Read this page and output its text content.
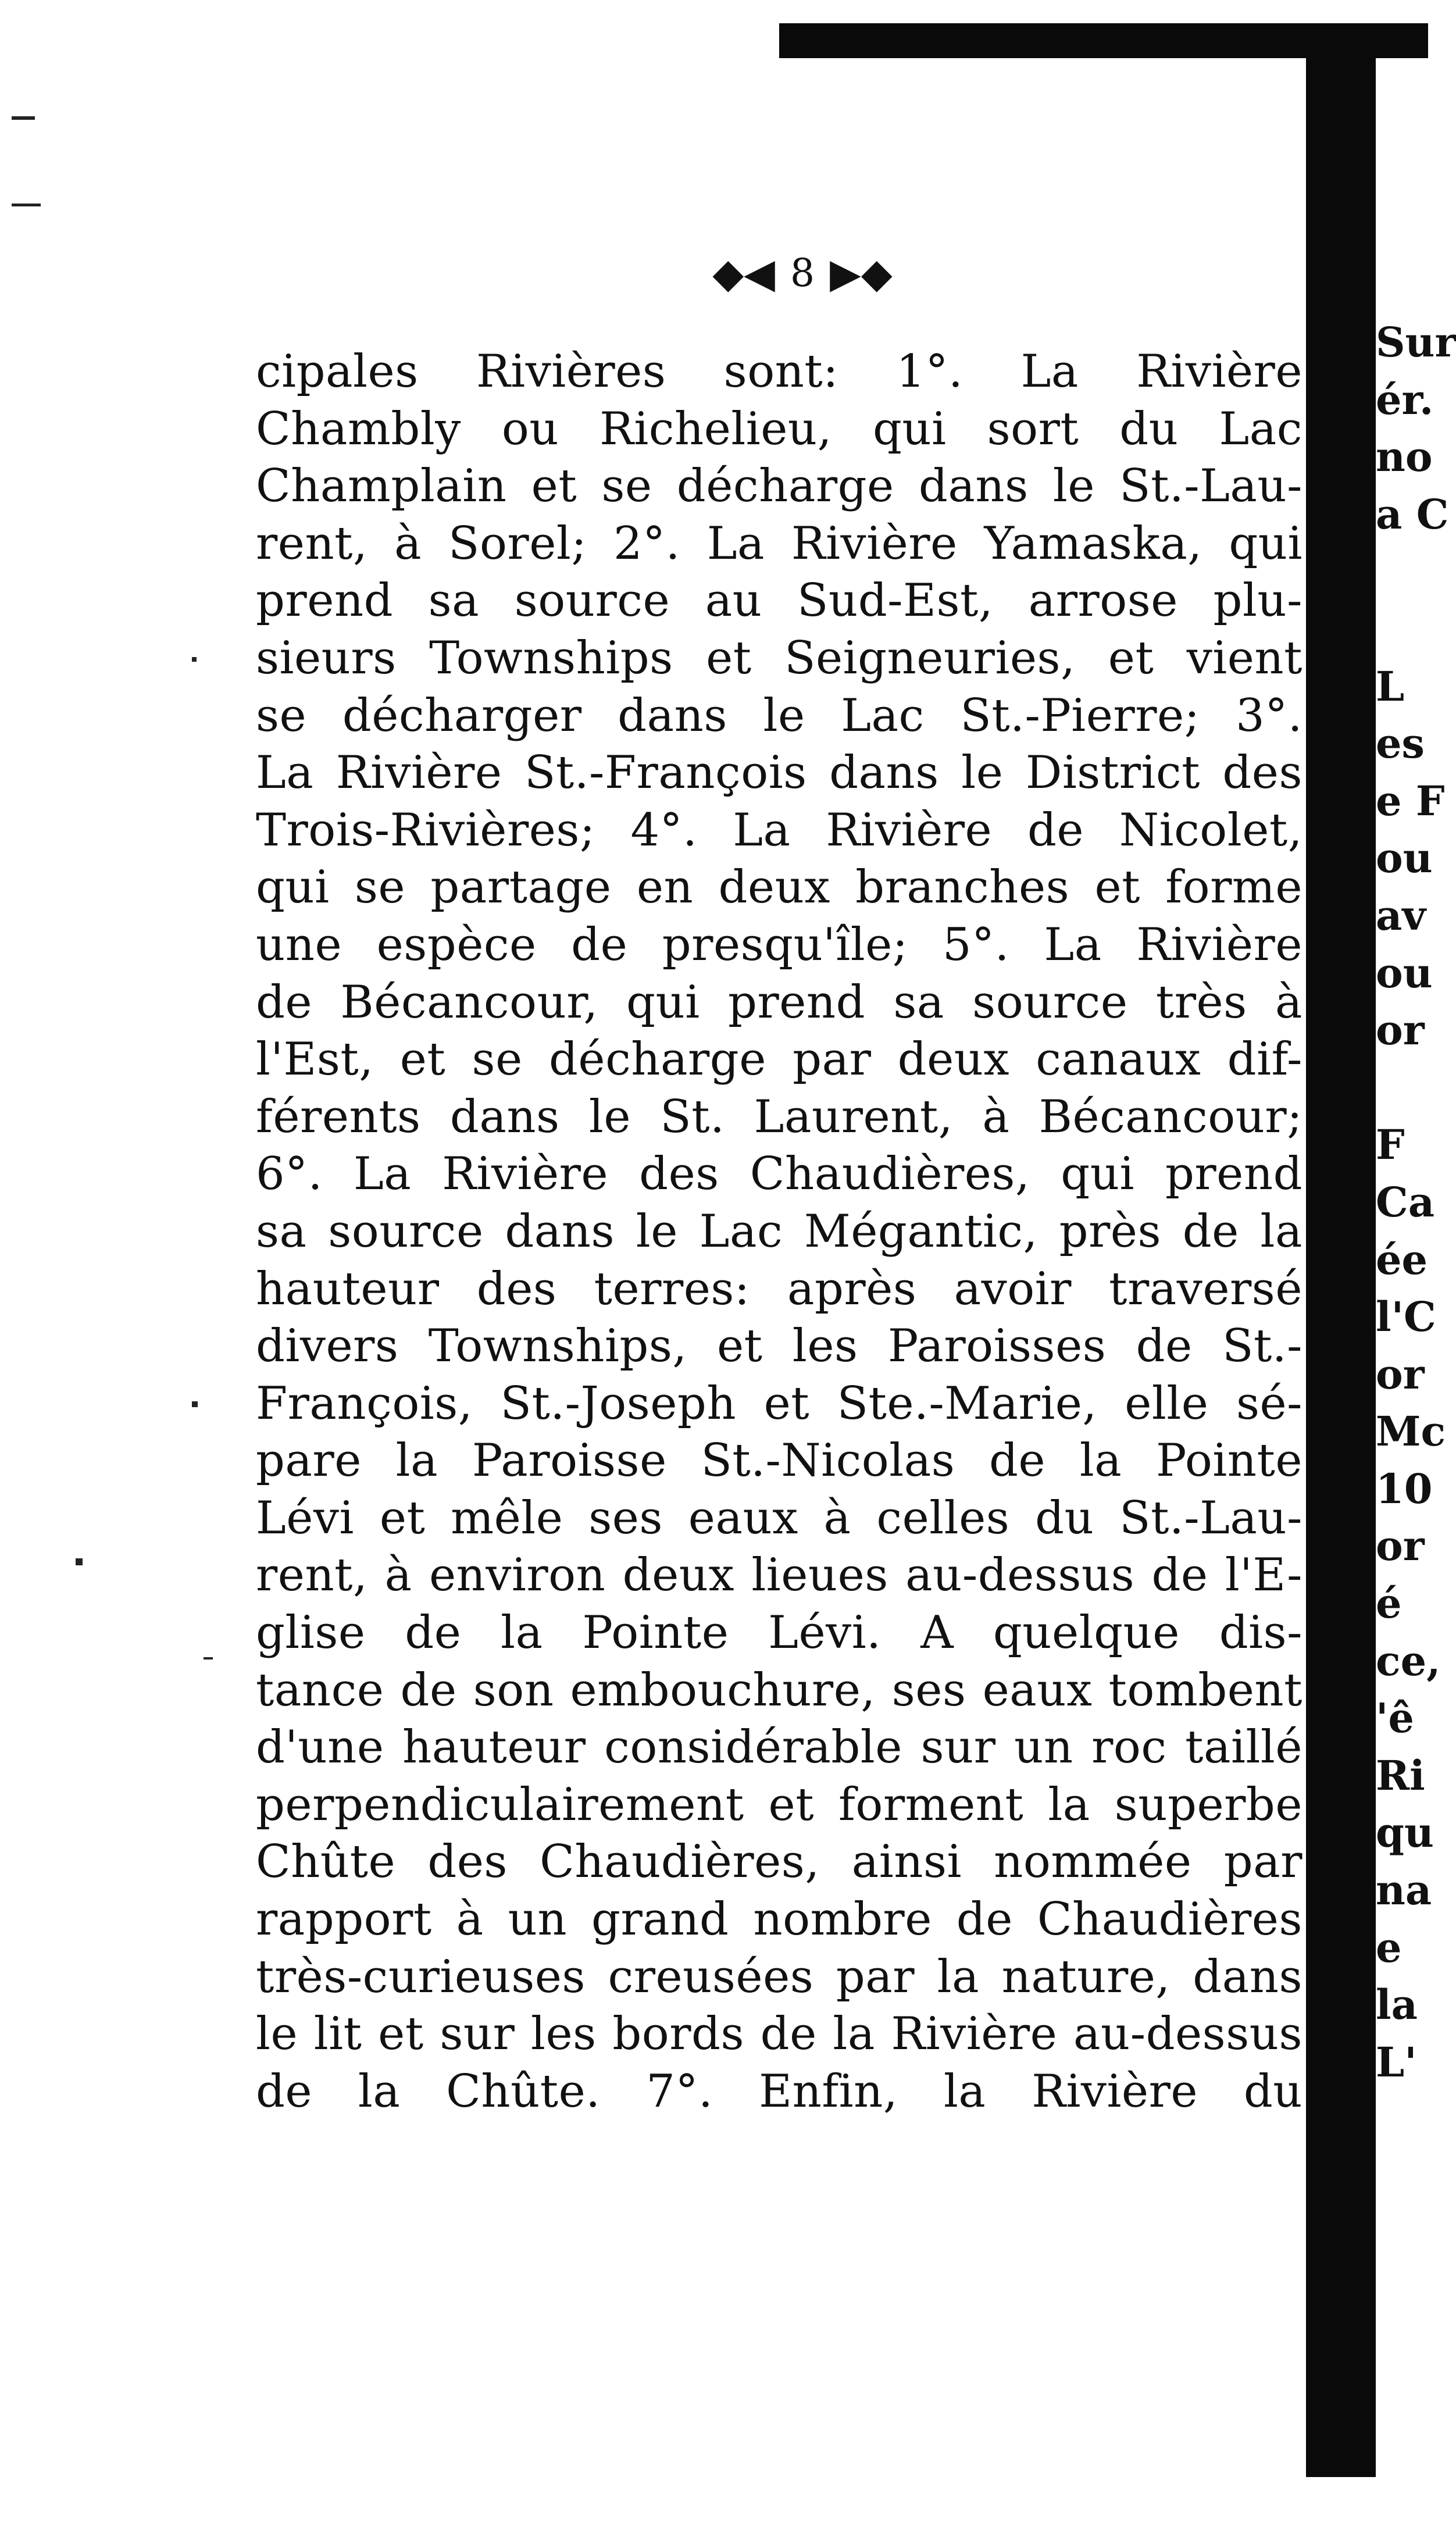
◆◀ 8 ▶◆
cipales Rivières sont: 1°. La Rivière
Chambly ou Richelieu, qui sort du Lac
Champlain et se décharge dans le St.-Lau-
rent, à Sorel; 2°. La Rivière Yamaska, qui
prend sa source au Sud-Est, arrose plu-
sieurs Townships et Seigneuries, et vient
se décharger dans le Lac St.-Pierre; 3°.
La Rivière St.-François dans le District des
Trois-Rivières; 4°. La Rivière de Nicolet,
qui se partage en deux branches et forme
une espèce de presqu'île; 5°. La Rivière
de Bécancour, qui prend sa source très à
l'Est, et se décharge par deux canaux dif-
férents dans le St. Laurent, à Bécancour;
6°. La Rivière des Chaudières, qui prend
sa source dans le Lac Mégantic, près de la
hauteur des terres: après avoir traversé
divers Townships, et les Paroisses de St.-
François, St.-Joseph et Ste.-Marie, elle sé-
pare la Paroisse St.-Nicolas de la Pointe
Lévi et mêle ses eaux à celles du St.-Lau-
rent, à environ deux lieues au-dessus de l'E-
glise de la Pointe Lévi. A quelque dis-
tance de son embouchure, ses eaux tombent
d'une hauteur considérable sur un roc taillé
perpendiculairement et forment la superbe
Chûte des Chaudières, ainsi nommée par
rapport à un grand nombre de Chaudières
très-curieuses creusées par la nature, dans
le lit et sur les bords de la Rivière au-dessus
de la Chûte. 7°. Enfin, la Rivière du
Sur
ér.
no
a C
L
es
e F
ou
av
ou
or
F
Ca
ée
l'C
or
Mc
10
or
é
ce,
'ê
Ri
qu
na
e
la
L'
